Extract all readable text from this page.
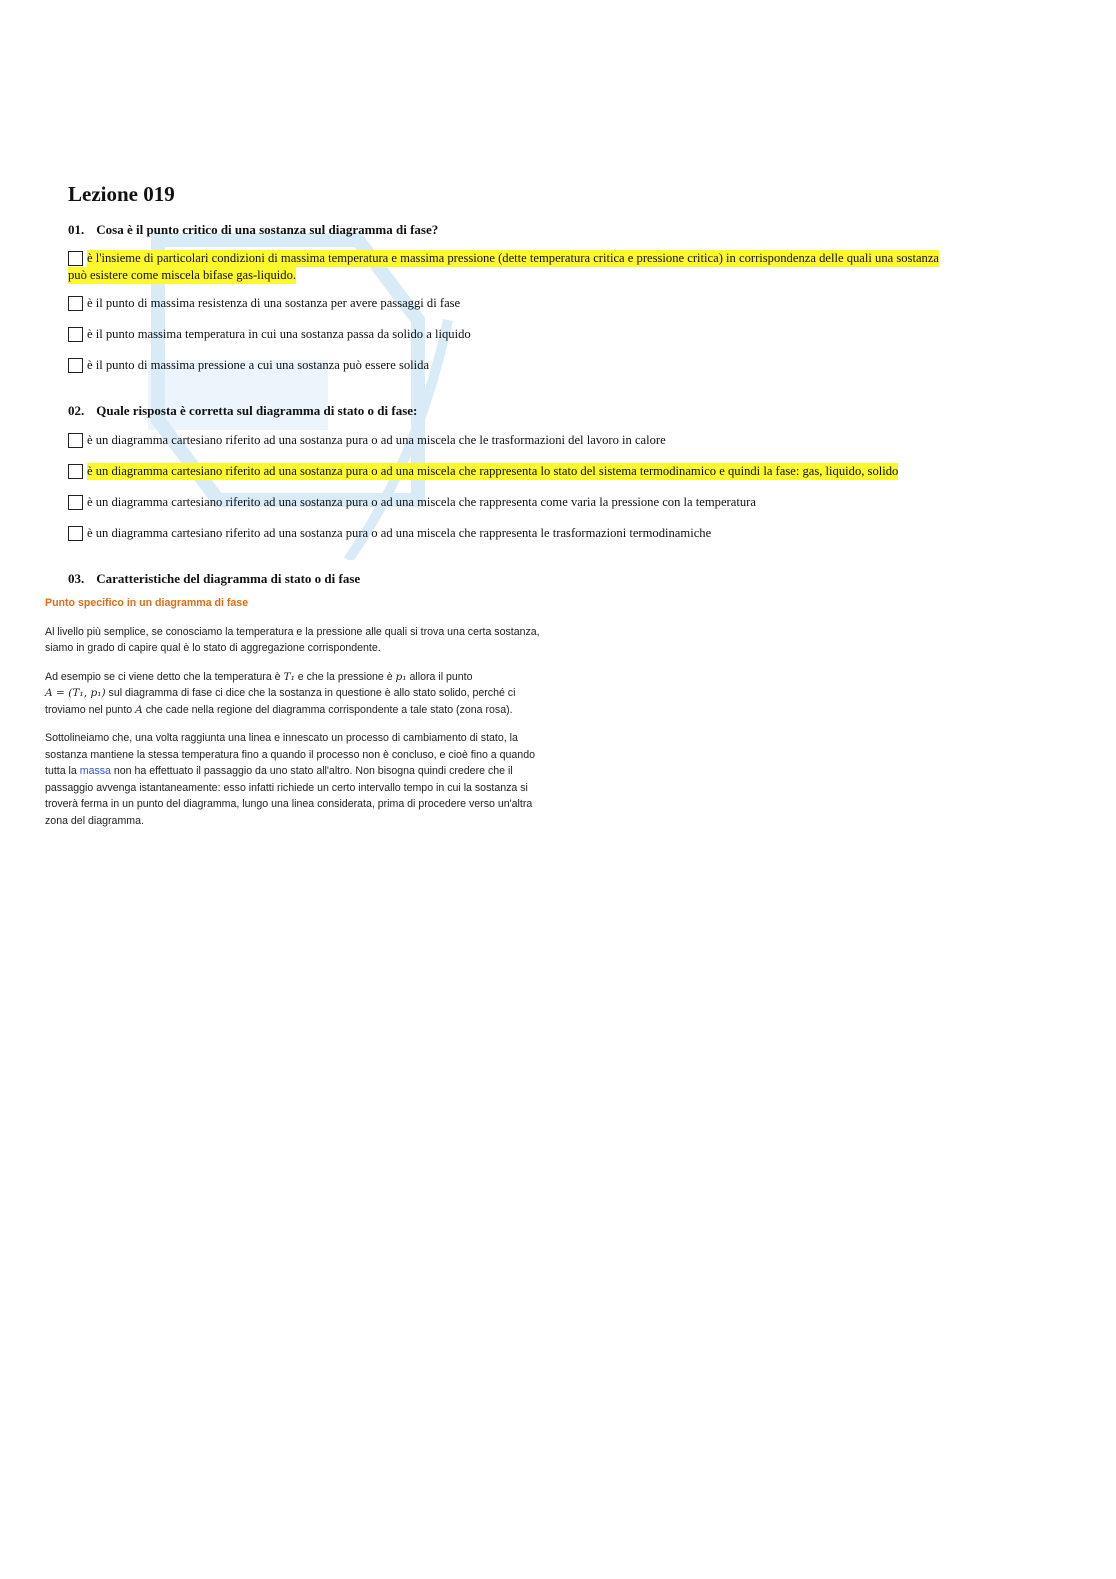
Lezione 019
01. Cosa è il punto critico di una sostanza sul diagramma di fase?
è l'insieme di particolari condizioni di massima temperatura e massima pressione (dette temperatura critica e pressione critica) in corrispondenza delle quali una sostanza
può esistere come miscela bifase gas-liquido.
è il punto di massima resistenza di una sostanza per avere passaggi di fase
è il punto massima temperatura in cui una sostanza passa da solido a liquido
è il punto di massima pressione a cui una sostanza può essere solida
02. Quale risposta è corretta sul diagramma di stato o di fase:
è un diagramma cartesiano riferito ad una sostanza pura o ad una miscela che le trasformazioni del lavoro in calore
è un diagramma cartesiano riferito ad una sostanza pura o ad una miscela che rappresenta lo stato del sistema termodinamico e quindi la fase: gas, liquido, solido
è un diagramma cartesiano riferito ad una sostanza pura o ad una miscela che rappresenta come varia la pressione con la temperatura
è un diagramma cartesiano riferito ad una sostanza pura o ad una miscela che rappresenta le trasformazioni termodinamiche
03. Caratteristiche del diagramma di stato o di fase

Punto specifico in un diagramma di fase

Al livello più semplice, se conosciamo la temperatura e la pressione alle quali si trova una certa sostanza,

siamo in grado di capire qual è lo stato di aggregazione corrispondente.

Ad esempio se ci viene detto che la temperatura è T₁ e che la pressione è p₁ allora il punto

A = (T₁, p₁) sul diagramma di fase ci dice che la sostanza in questione è allo stato solido, perché ci

troviamo nel punto A che cade nella regione del diagramma corrispondente a tale stato (zona rosa).

Sottolineiamo che, una volta raggiunta una linea e innescato un processo di cambiamento di stato, la

sostanza mantiene la stessa temperatura fino a quando il processo non è concluso, e cioè fino a quando

tutta la massa non ha effettuato il passaggio da uno stato all'altro. Non bisogna quindi credere che il

passaggio avvenga istantaneamente: esso infatti richiede un certo intervallo tempo in cui la sostanza si

troverà ferma in un punto del diagramma, lungo una linea considerata, prima di procedere verso un'altra

zona del diagramma.
